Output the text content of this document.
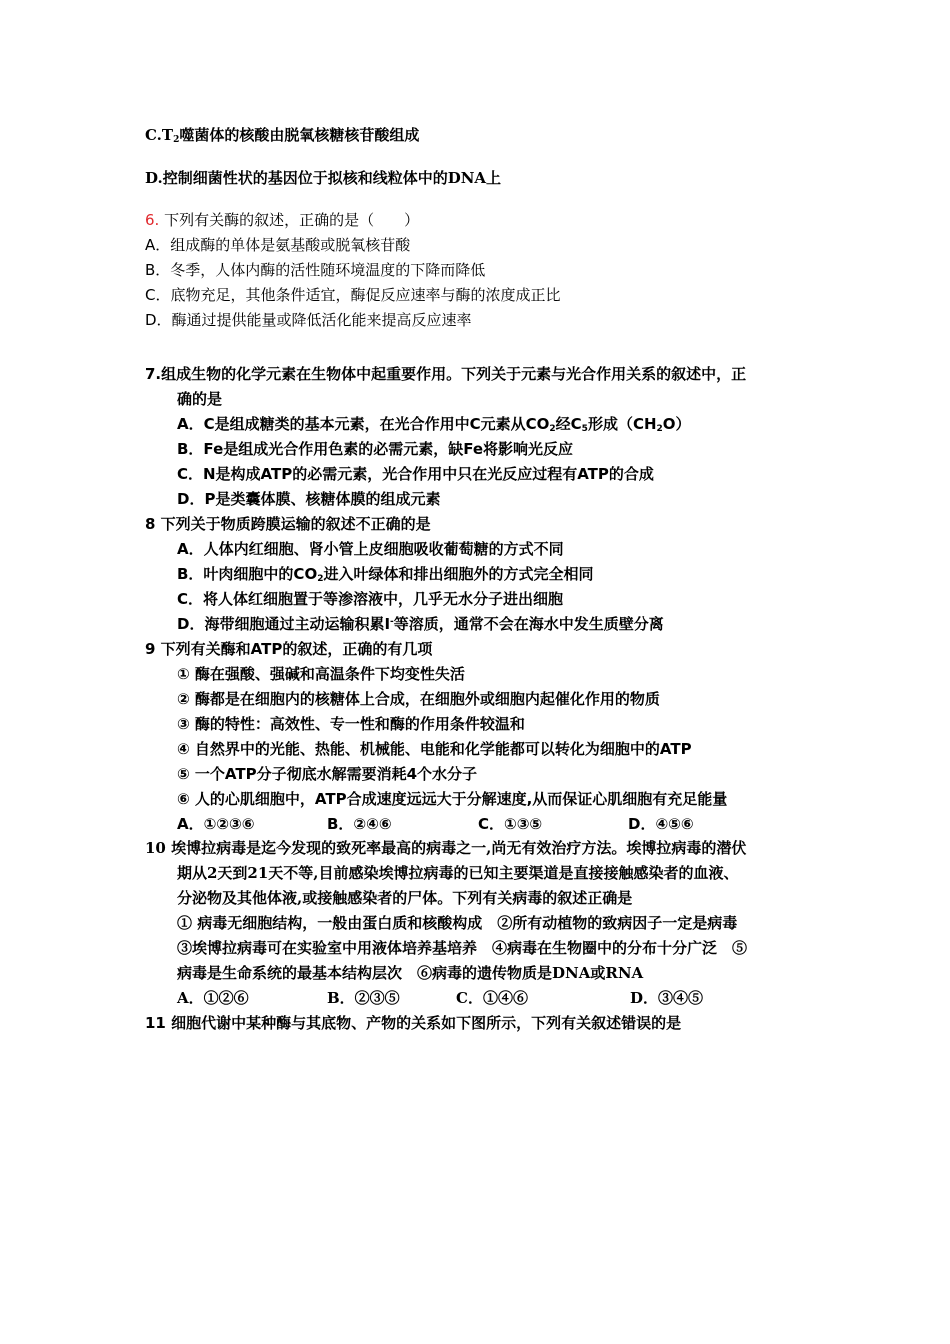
$C.T_2$噬菌体的核酸由脱氧核糖核苷酸组成
D.控制细菌性状的基因位于拟核和线粒体中的DNA上
6. 下列有关酶的叙述，正确的是（　　）
A．组成酶的单体是氨基酸或脱氧核苷酸
B．冬季，人体内酶的活性随环境温度的下降而降低
C．底物充足，其他条件适宜，酶促反应速率与酶的浓度成正比
D．酶通过提供能量或降低活化能来提高反应速率
7.组成生物的化学元素在生物体中起重要作用。下列关于元素与光合作用关系的叙述中，正
确的是
A．C是组成糖类的基本元素，在光合作用中C元素从$CO_2$经$C_5$形成$(CH_2O)$
B．Fe是组成光合作用色素的必需元素，缺Fe将影响光反应
C．N是构成ATP的必需元素，光合作用中只在光反应过程有ATP的合成
D．P是类囊体膜、核糖体膜的组成元素
8 下列关于物质跨膜运输的叙述不正确的是
A．人体内红细胞、肾小管上皮细胞吸收葡萄糖的方式不同
B．叶肉细胞中的$CO_2$进入叶绿体和排出细胞外的方式完全相同
C．将人体红细胞置于等渗溶液中，几乎无水分子进出细胞
D．海带细胞通过主动运输积累I-等溶质，通常不会在海水中发生质壁分离
9 下列有关酶和ATP的叙述，正确的有几项
① 酶在强酸、强碱和高温条件下均变性失活
② 酶都是在细胞内的核糖体上合成，在细胞外或细胞内起催化作用的物质
③ 酶的特性：高效性、专一性和酶的作用条件较温和
④ 自然界中的光能、热能、机械能、电能和化学能都可以转化为细胞中的ATP
⑤ 一个ATP分子彻底水解需要消耗4个水分子
⑥ 人的心肌细胞中，ATP合成速度远远大于分解速度,从而保证心肌细胞有充足能量
A．①②③⑥	B．②④⑥	C．①③⑤	D．④⑤⑥
10 埃博拉病毒是迄今发现的致死率最高的病毒之一,尚无有效治疗方法。埃博拉病毒的潜伏
期从2天到21天不等,目前感染埃博拉病毒的已知主要渠道是直接接触感染者的血液、
分泌物及其他体液,或接触感染者的尸体。下列有关病毒的叙述正确是
① 病毒无细胞结构，一般由蛋白质和核酸构成　②所有动植物的致病因子一定是病毒
③埃博拉病毒可在实验室中用液体培养基培养　④病毒在生物圈中的分布十分广泛　⑤
病毒是生命系统的最基本结构层次　⑥病毒的遗传物质是DNA或RNA
A．①②⑥	B．②③⑤	C．①④⑥	D．③④⑤
11 细胞代谢中某种酶与其底物、产物的关系如下图所示，下列有关叙述错误的是
